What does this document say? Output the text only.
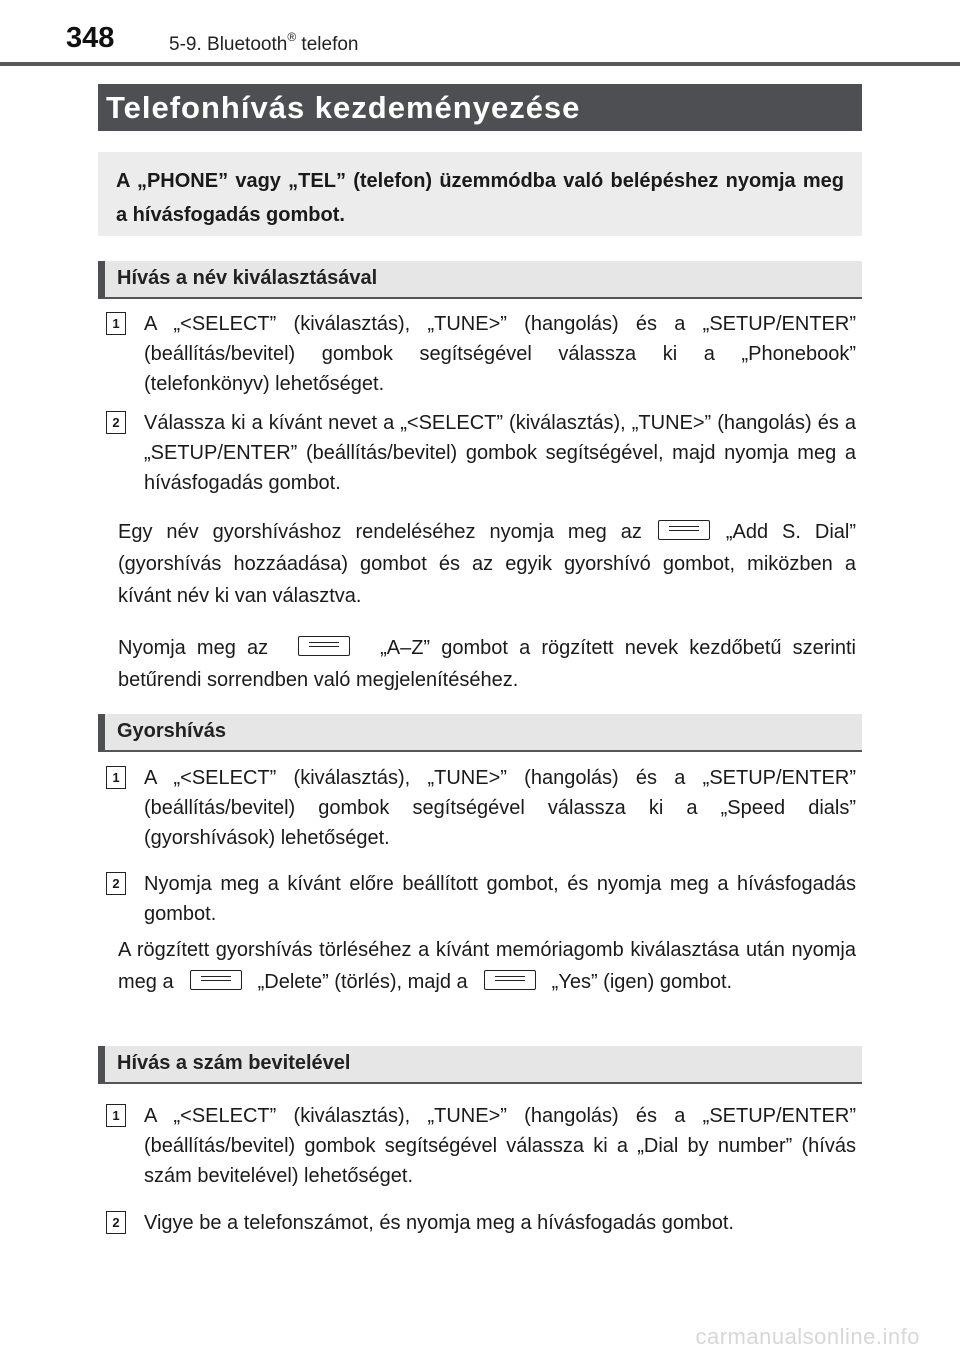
348	5-9. Bluetooth® telefon
Telefonhívás kezdeményezése
A „PHONE” vagy „TEL” (telefon) üzemmódba való belépéshez nyomja meg a hívásfogadás gombot.
Hívás a név kiválasztásával
1	A „<SELECT” (kiválasztás), „TUNE>” (hangolás) és a „SETUP/ENTER” (beállítás/bevitel) gombok segítségével válassza ki a „Phonebook” (telefonkönyv) lehetőséget.
2	Válassza ki a kívánt nevet a „<SELECT” (kiválasztás), „TUNE>” (hangolás) és a „SETUP/ENTER” (beállítás/bevitel) gombok segítségével, majd nyomja meg a hívásfogadás gombot.
Egy név gyorshíváshoz rendeléséhez nyomja meg az	„Add S. Dial” (gyorshívás hozzáadása) gombot és az egyik gyorshívó gombot, miközben a kívánt név ki van választva.
Nyomja meg az	„A–Z” gombot a rögzített nevek kezdőbetű szerinti betűrendi sorrendben való megjelenítéséhez.
Gyorshívás
1	A „<SELECT” (kiválasztás), „TUNE>” (hangolás) és a „SETUP/ENTER” (beállítás/bevitel) gombok segítségével válassza ki a „Speed dials” (gyorshívások) lehetőséget.
2	Nyomja meg a kívánt előre beállított gombot, és nyomja meg a hívásfogadás gombot.
A rögzített gyorshívás törléséhez a kívánt memóriagomb kiválasztása után nyomja meg a	„Delete” (törlés), majd a	„Yes” (igen) gombot.
Hívás a szám bevitelével
1	A „<SELECT” (kiválasztás), „TUNE>” (hangolás) és a „SETUP/ENTER” (beállítás/bevitel) gombok segítségével válassza ki a „Dial by number” (hívás szám bevitelével) lehetőséget.
2	Vigye be a telefonszámot, és nyomja meg a hívásfogadás gombot.
carmanualsonline.info
